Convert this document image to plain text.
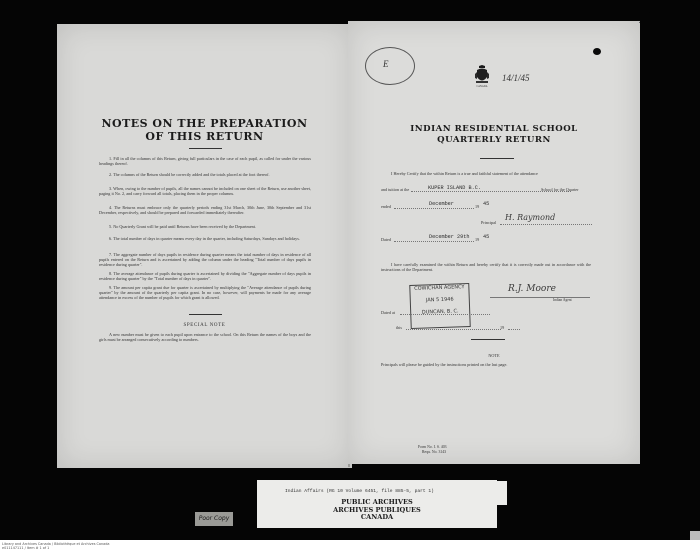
NOTES ON THE PREPARATION
OF THIS RETURN
1. Fill in all the columns of this Return, giving full particulars in the case of each pupil, as called for under the various headings thereof.
2. The columns of the Return should be correctly added and the totals placed at the foot thereof.
3. When, owing to the number of pupils, all the names cannot be included on one sheet of the Return, use another sheet, paging it No. 2, and carry forward all totals, placing them in the proper columns.
4. The Returns must embrace only the quarterly periods ending 31st March, 30th June, 30th September and 31st December, respectively, and should be prepared and forwarded immediately thereafter.
5. No Quarterly Grant will be paid until Returns have been received by the Department.
6. The total number of days in quarter means every day in the quarter, including Saturdays, Sundays and holidays.
7. The aggregate number of days pupils in residence during quarter means the total number of days in residence of all pupils entered on the Return and is ascertained by adding the column under the heading "Total number of days pupils in residence during quarter".
8. The average attendance of pupils during quarter is ascertained by dividing the "Aggregate number of days pupils in residence during quarter" by the "Total number of days in quarter".
9. The amount per capita grant due for quarter is ascertained by multiplying the "Average attendance of pupils during quarter" by the amount of the quarterly per capita grant. In no case, however, will payments be made for any average attendance in excess of the number of pupils for which grant is allowed.
SPECIAL NOTE
A new number must be given to each pupil upon entrance to the school. On this Return the names of the boys and the girls must be arranged consecutively according to numbers.
E
CANADA
14/1/45
INDIAN RESIDENTIAL SCHOOL
QUARTERLY RETURN
I Hereby Certify that the within Return is a true and faithful statement of the attendance
and tuition at the	KUPER ISLAND B.C.	School for the Quarter
ended	December	19 45
Principal
H. Raymond
Dated	December 29th 19 45
I have carefully examined the within Return and hereby certify that it is correctly made out in accordance with the instructions of the Department.
COWICHAN AGENCY
JAN 5 1946
DUNCAN, B. C.
R.J. Moore
Indian Agent
Dated at
this	19
NOTE
Principals will please be guided by the instructions printed on the last page.
Form No. I. S. 403
Requ. No. 3143
Indian Affairs (RG 10 Volume 6451, file 885-5, part 1)
PUBLIC ARCHIVES
ARCHIVES PUBLIQUES
CANADA
Poor Copy
Library and Archives Canada / Bibliothèque et Archives Canada
e011147111 / Item # 1 of 1
